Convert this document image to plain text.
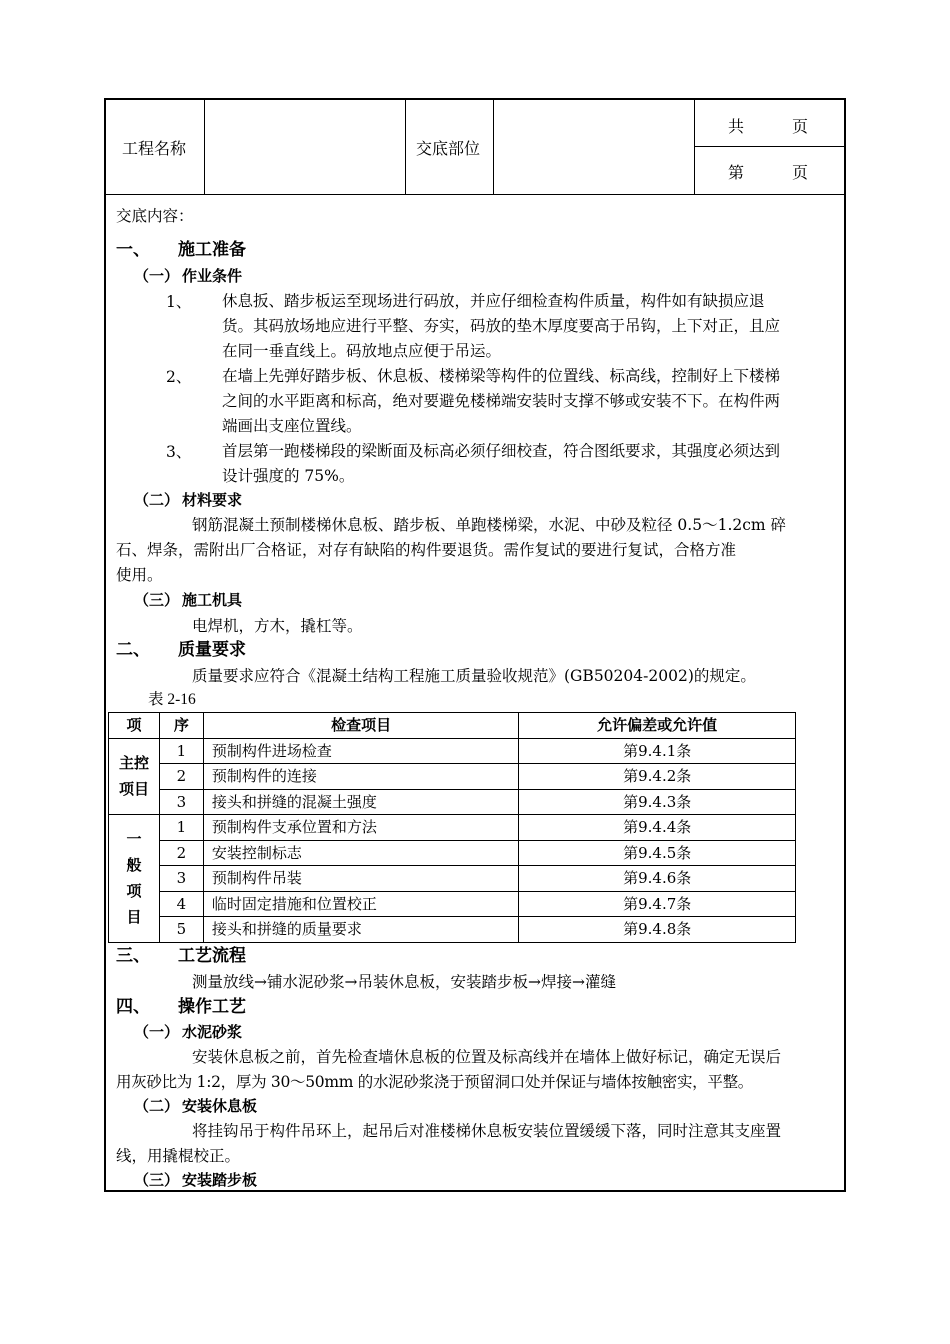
工程名称	交底部位
共　　　页
第　　　页
交底内容：
一、 施工准备
（一） 作业条件
1、 休息扳、踏步板运至现场进行码放，并应仔细检查构件质量，构件如有缺损应退
货。其码放场地应进行平整、夯实，码放的垫木厚度要高于吊钩，上下对正，且应
在同一垂直线上。码放地点应便于吊运。
2、 在墙上先弹好踏步板、休息板、楼梯梁等构件的位置线、标高线，控制好上下楼梯
之间的水平距离和标高，绝对要避免楼梯端安装时支撑不够或安装不下。在构件两
端画出支座位置线。
3、 首层第一跑楼梯段的梁断面及标高必须仔细校查，符合图纸要求，其强度必须达到
设计强度的 75%。
（二） 材料要求
钢筋混凝土预制楼梯休息板、踏步板、单跑楼梯梁，水泥、中砂及粒径 0.5～1.2cm 碎
石、焊条，需附出厂合格证，对存有缺陷的构件要退货。需作复试的要进行复试，合格方准
使用。
（三） 施工机具
电焊机，方木，撬杠等。
二、 质量要求
质量要求应符合《混凝土结构工程施工质量验收规范》(GB50204-2002)的规定。
表 2-16
项	序	检查项目	允许偏差或允许值

主控
项目	1	预制构件进场检查	第9.4.1条
	2	预制构件的连接	第9.4.2条
	3	接头和拼缝的混凝土强度	第9.4.3条

一
般
项
目	1	预制构件支承位置和方法	第9.4.4条
	2	安装控制标志	第9.4.5条
	3	预制构件吊装	第9.4.6条
	4	临时固定措施和位置校正	第9.4.7条
	5	接头和拼缝的质量要求	第9.4.8条
三、 工艺流程
测量放线→铺水泥砂浆→吊装休息板，安装踏步板→焊接→灌缝
四、 操作工艺
（一） 水泥砂浆
安装休息板之前，首先检查墙休息板的位置及标高线并在墙体上做好标记，确定无误后
用灰砂比为 1:2，厚为 30～50mm 的水泥砂浆浇于预留洞口处并保证与墙体按触密实，平整。
（二） 安装休息板
将挂钩吊于构件吊环上，起吊后对准楼梯休息板安装位置缓缓下落，同时注意其支座置
线，用撬棍校正。
（三） 安装踏步板
